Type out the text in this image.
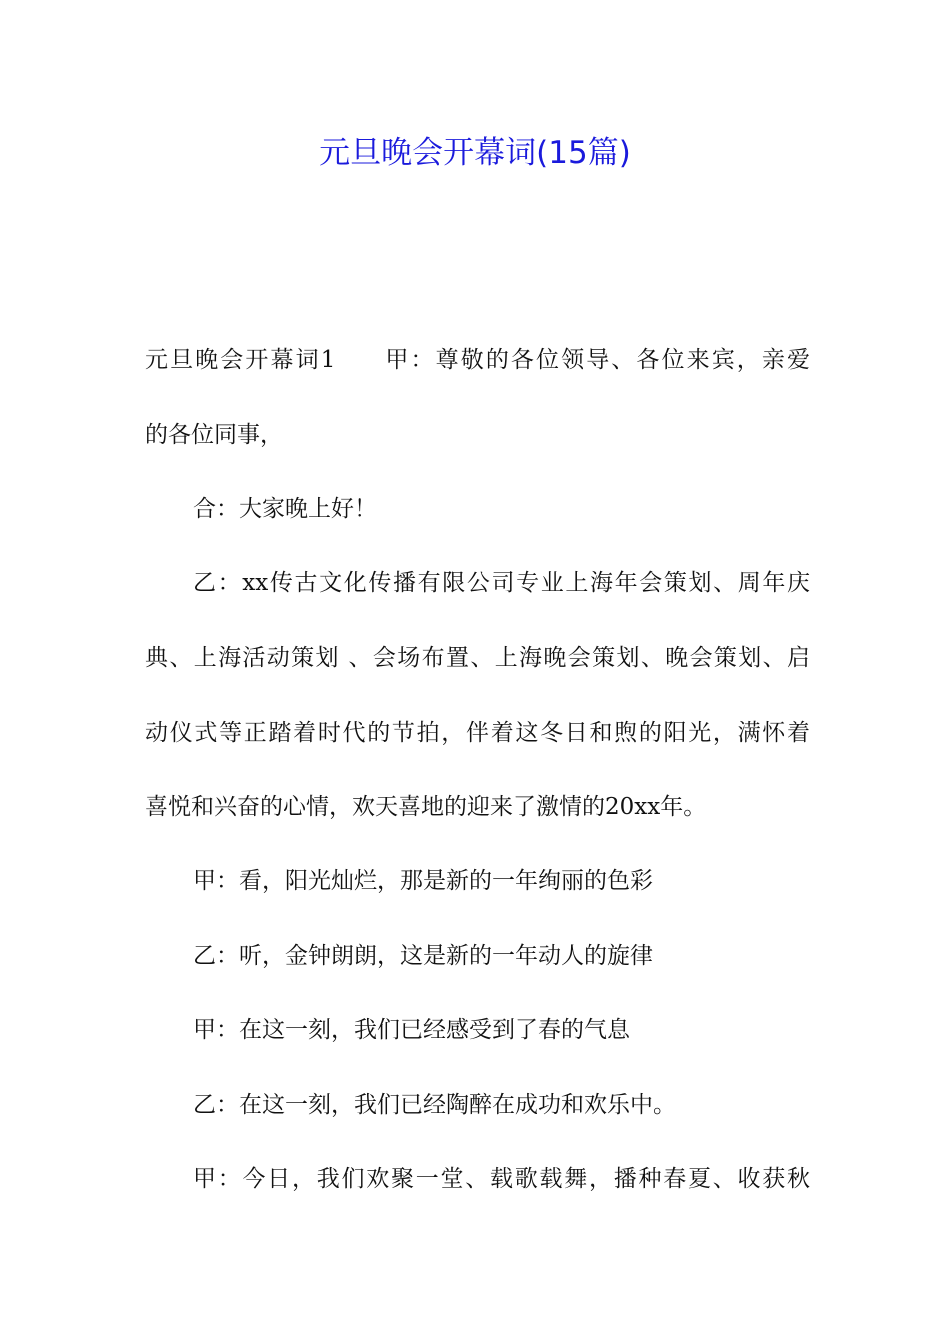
元旦晚会开幕词(15篇)

元旦晚会开幕词1 甲：尊敬的各位领导、各位来宾，亲爱

的各位同事，

合：大家晚上好！

乙：xx传古文化传播有限公司专业上海年会策划、周年庆

典、上海活动策划 、会场布置、上海晚会策划、晚会策划、启

动仪式等正踏着时代的节拍，伴着这冬日和煦的阳光，满怀着

喜悦和兴奋的心情，欢天喜地的迎来了激情的20xx年。

甲：看，阳光灿烂，那是新的一年绚丽的色彩

乙：听，金钟朗朗，这是新的一年动人的旋律

甲：在这一刻，我们已经感受到了春的气息

乙：在这一刻，我们已经陶醉在成功和欢乐中。

甲：今日，我们欢聚一堂、载歌载舞，播种春夏、收获秋
